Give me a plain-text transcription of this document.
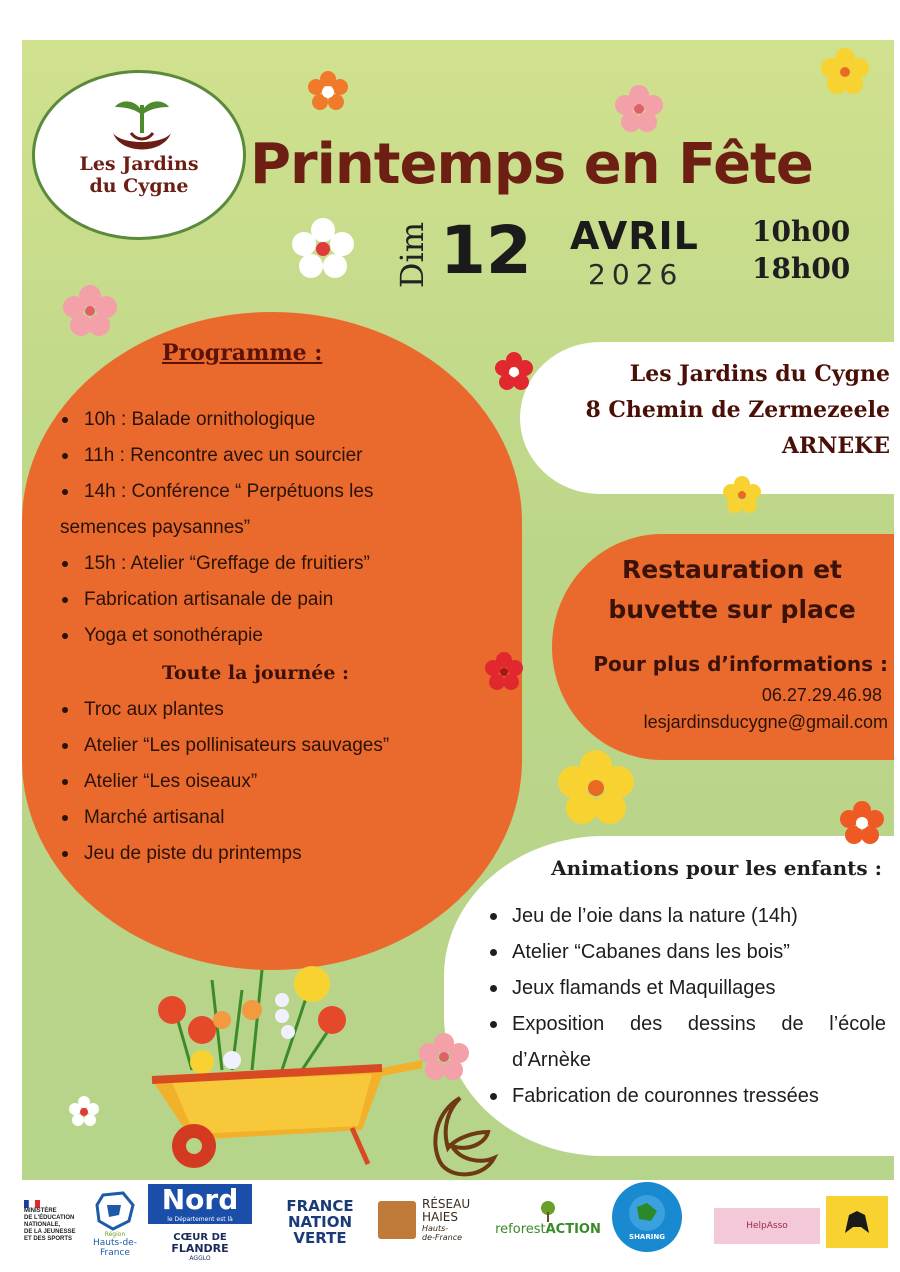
Les Jardins
du Cygne	Printemps en Fête
Dim 12 AVRIL
2026
10h00
18h00
Programme :
10h : Balade ornithologique
11h : Rencontre avec un sourcier
14h : Conférence “ Perpétuons les
semences paysannes”
15h : Atelier “Greffage de fruitiers”
Fabrication artisanale de pain
Yoga et sonothérapie
Toute la journée :
Troc aux plantes
Atelier “Les pollinisateurs sauvages”
Atelier “Les oiseaux”
Marché artisanal
Jeu de piste du printemps
Les Jardins du Cygne
8 Chemin de Zermezeele
ARNEKE
Restauration et
buvette sur place
Pour plus d’informations :
06.27.29.46.98
lesjardinsducygne@gmail.com
Animations pour les enfants :
Jeu de l’oie dans la nature (14h)
Atelier “Cabanes dans les bois”
Jeux flamands et Maquillages
Exposition des dessins de l’école d’Arnèke
Fabrication de couronnes tressées
MINISTÈRE
DE L'ÉDUCATION
NATIONALE,
DE LA JEUNESSE
ET DES SPORTS
Région
Hauts-de-France
Nord
le Département est là
CŒUR DE
FLANDRE
AGGLO
FRANCE
NATION
VERTE
RÉSEAU
HAIES
Hauts-
de-France
reforestACTION	SHARING
HelpAsso
